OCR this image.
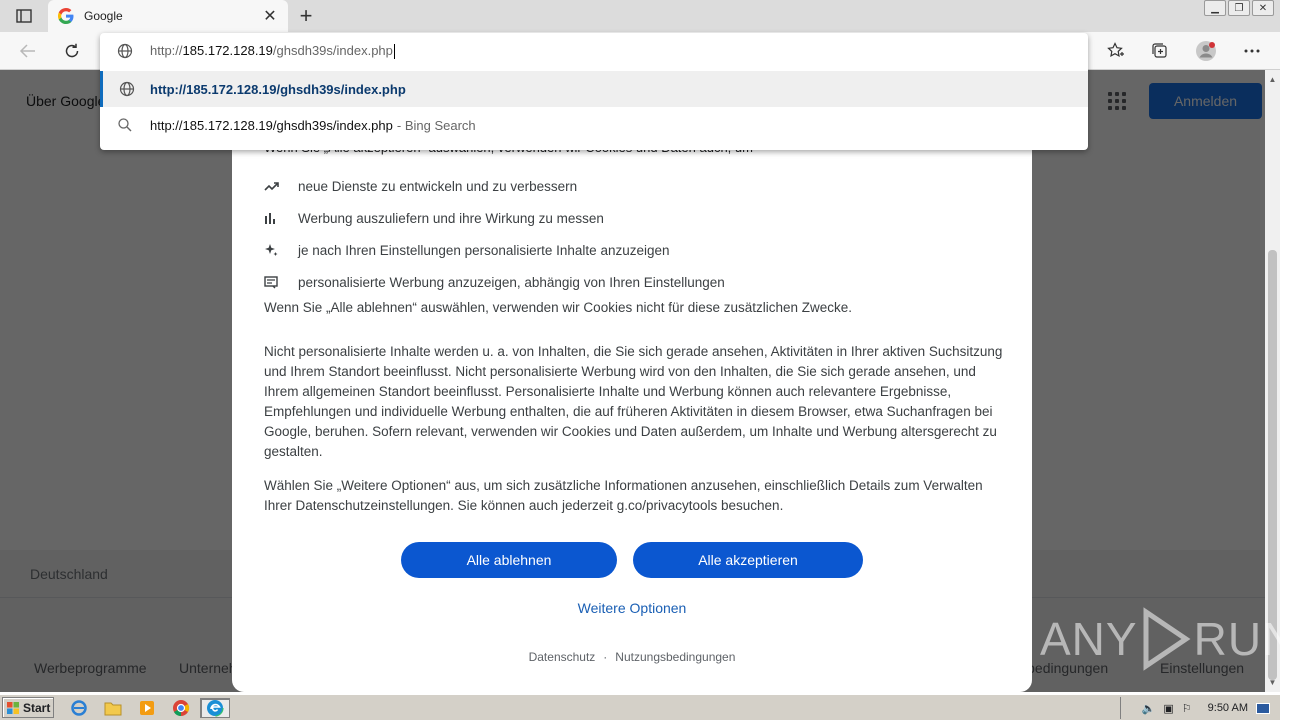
Google	✕ +	▁	❐	✕
▲
▼
neue Dienste zu entwickeln und zu verbessern
Werbung auszuliefern und ihre Wirkung zu messen
je nach Ihren Einstellungen personalisierte Inhalte anzuzeigen
personalisierte Werbung anzuzeigen, abhängig von Ihren Einstellungen
Wenn Sie „Alle ablehnen“ auswählen, verwenden wir Cookies nicht für diese zusätzlichen Zwecke.
Nicht personalisierte Inhalte werden u. a. von Inhalten, die Sie sich gerade ansehen, Aktivitäten in Ihrer aktiven Suchsitzung und Ihrem Standort beeinflusst. Nicht personalisierte Werbung wird von den Inhalten, die Sie sich gerade ansehen, und Ihrem allgemeinen Standort beeinflusst. Personalisierte Inhalte und Werbung können auch relevantere Ergebnisse, Empfehlungen und individuelle Werbung enthalten, die auf früheren Aktivitäten in diesem Browser, etwa Suchanfragen bei Google, beruhen. Sofern relevant, verwenden wir Cookies und Daten außerdem, um Inhalte und Werbung altersgerecht zu gestalten.
Wählen Sie „Weitere Optionen“ aus, um sich zusätzliche Informationen anzusehen, einschließlich Details zum Verwalten Ihrer Datenschutzeinstellungen. Sie können auch jederzeit g.co/privacytools besuchen.
Alle ablehnen	Alle akzeptieren
Weitere Optionen
Datenschutz · Nutzungsbedingungen
http://185.172.128.19/ghsdh39s/index.php
http://185.172.128.19/ghsdh39s/index.php
http://185.172.128.19/ghsdh39s/index.php - Bing Search
ANY RUN
Start	🔈 ▣ ⚐ 9:50 AM
